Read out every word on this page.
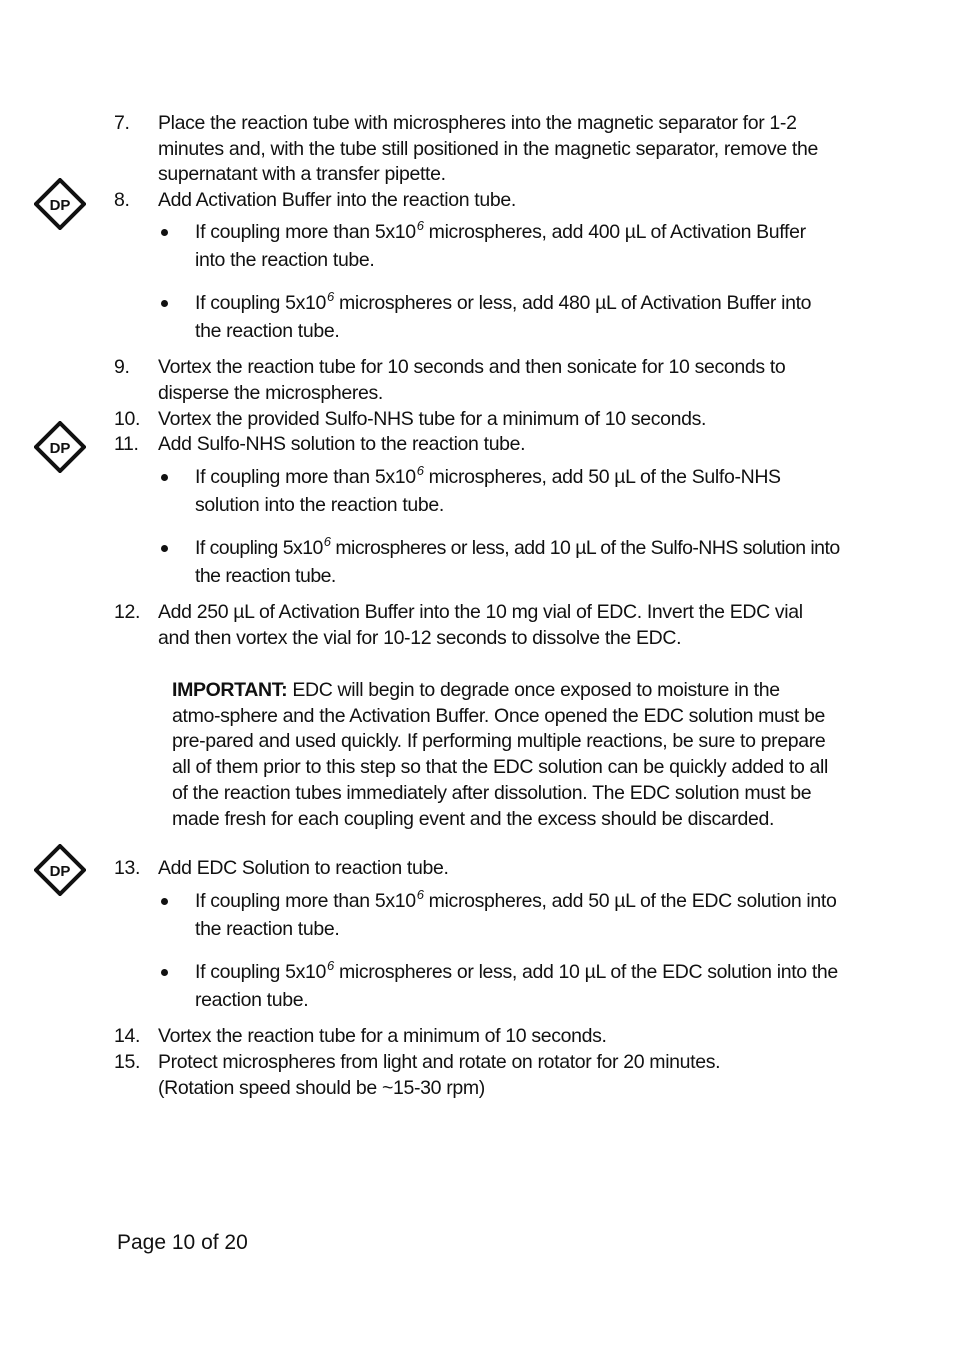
DP
DP
DP
7. Place the reaction tube with microspheres into the magnetic separator for 1-2 minutes and, with the tube still positioned in the magnetic separator, remove the supernatant with a transfer pipette.
8. Add Activation Buffer into the reaction tube.
If coupling more than $5x10^6$ microspheres, add 400 µL of Activation Buffer into the reaction tube.
If coupling $5x10^6$ microspheres or less, add 480 µL of Activation Buffer into the reaction tube.
9. Vortex the reaction tube for 10 seconds and then sonicate for 10 seconds to disperse the microspheres.
10. Vortex the provided Sulfo-NHS tube for a minimum of 10 seconds.
11. Add Sulfo-NHS solution to the reaction tube.
If coupling more than $5x10^6$ microspheres, add 50 µL of the Sulfo-NHS solution into the reaction tube.
If coupling $5x10^6$ microspheres or less, add 10 µL of the Sulfo-NHS solution into the reaction tube.
12. Add 250 µL of Activation Buffer into the 10 mg vial of EDC. Invert the EDC vial and then vortex the vial for 10-12 seconds to dissolve the EDC.
IMPORTANT: EDC will begin to degrade once exposed to moisture in the atmo-sphere and the Activation Buffer. Once opened the EDC solution must be pre-pared and used quickly. If performing multiple reactions, be sure to prepare all of them prior to this step so that the EDC solution can be quickly added to all of the reaction tubes immediately after dissolution. The EDC solution must be made fresh for each coupling event and the excess should be discarded.
13. Add EDC Solution to reaction tube.
If coupling more than $5x10^6$ microspheres, add 50 µL of the EDC solution into the reaction tube.
If coupling $5x10^6$ microspheres or less, add 10 µL of the EDC solution into the reaction tube.
14. Vortex the reaction tube for a minimum of 10 seconds.
15. Protect microspheres from light and rotate on rotator for 20 minutes.
(Rotation speed should be ~15-30 rpm)
Page 10 of 20
